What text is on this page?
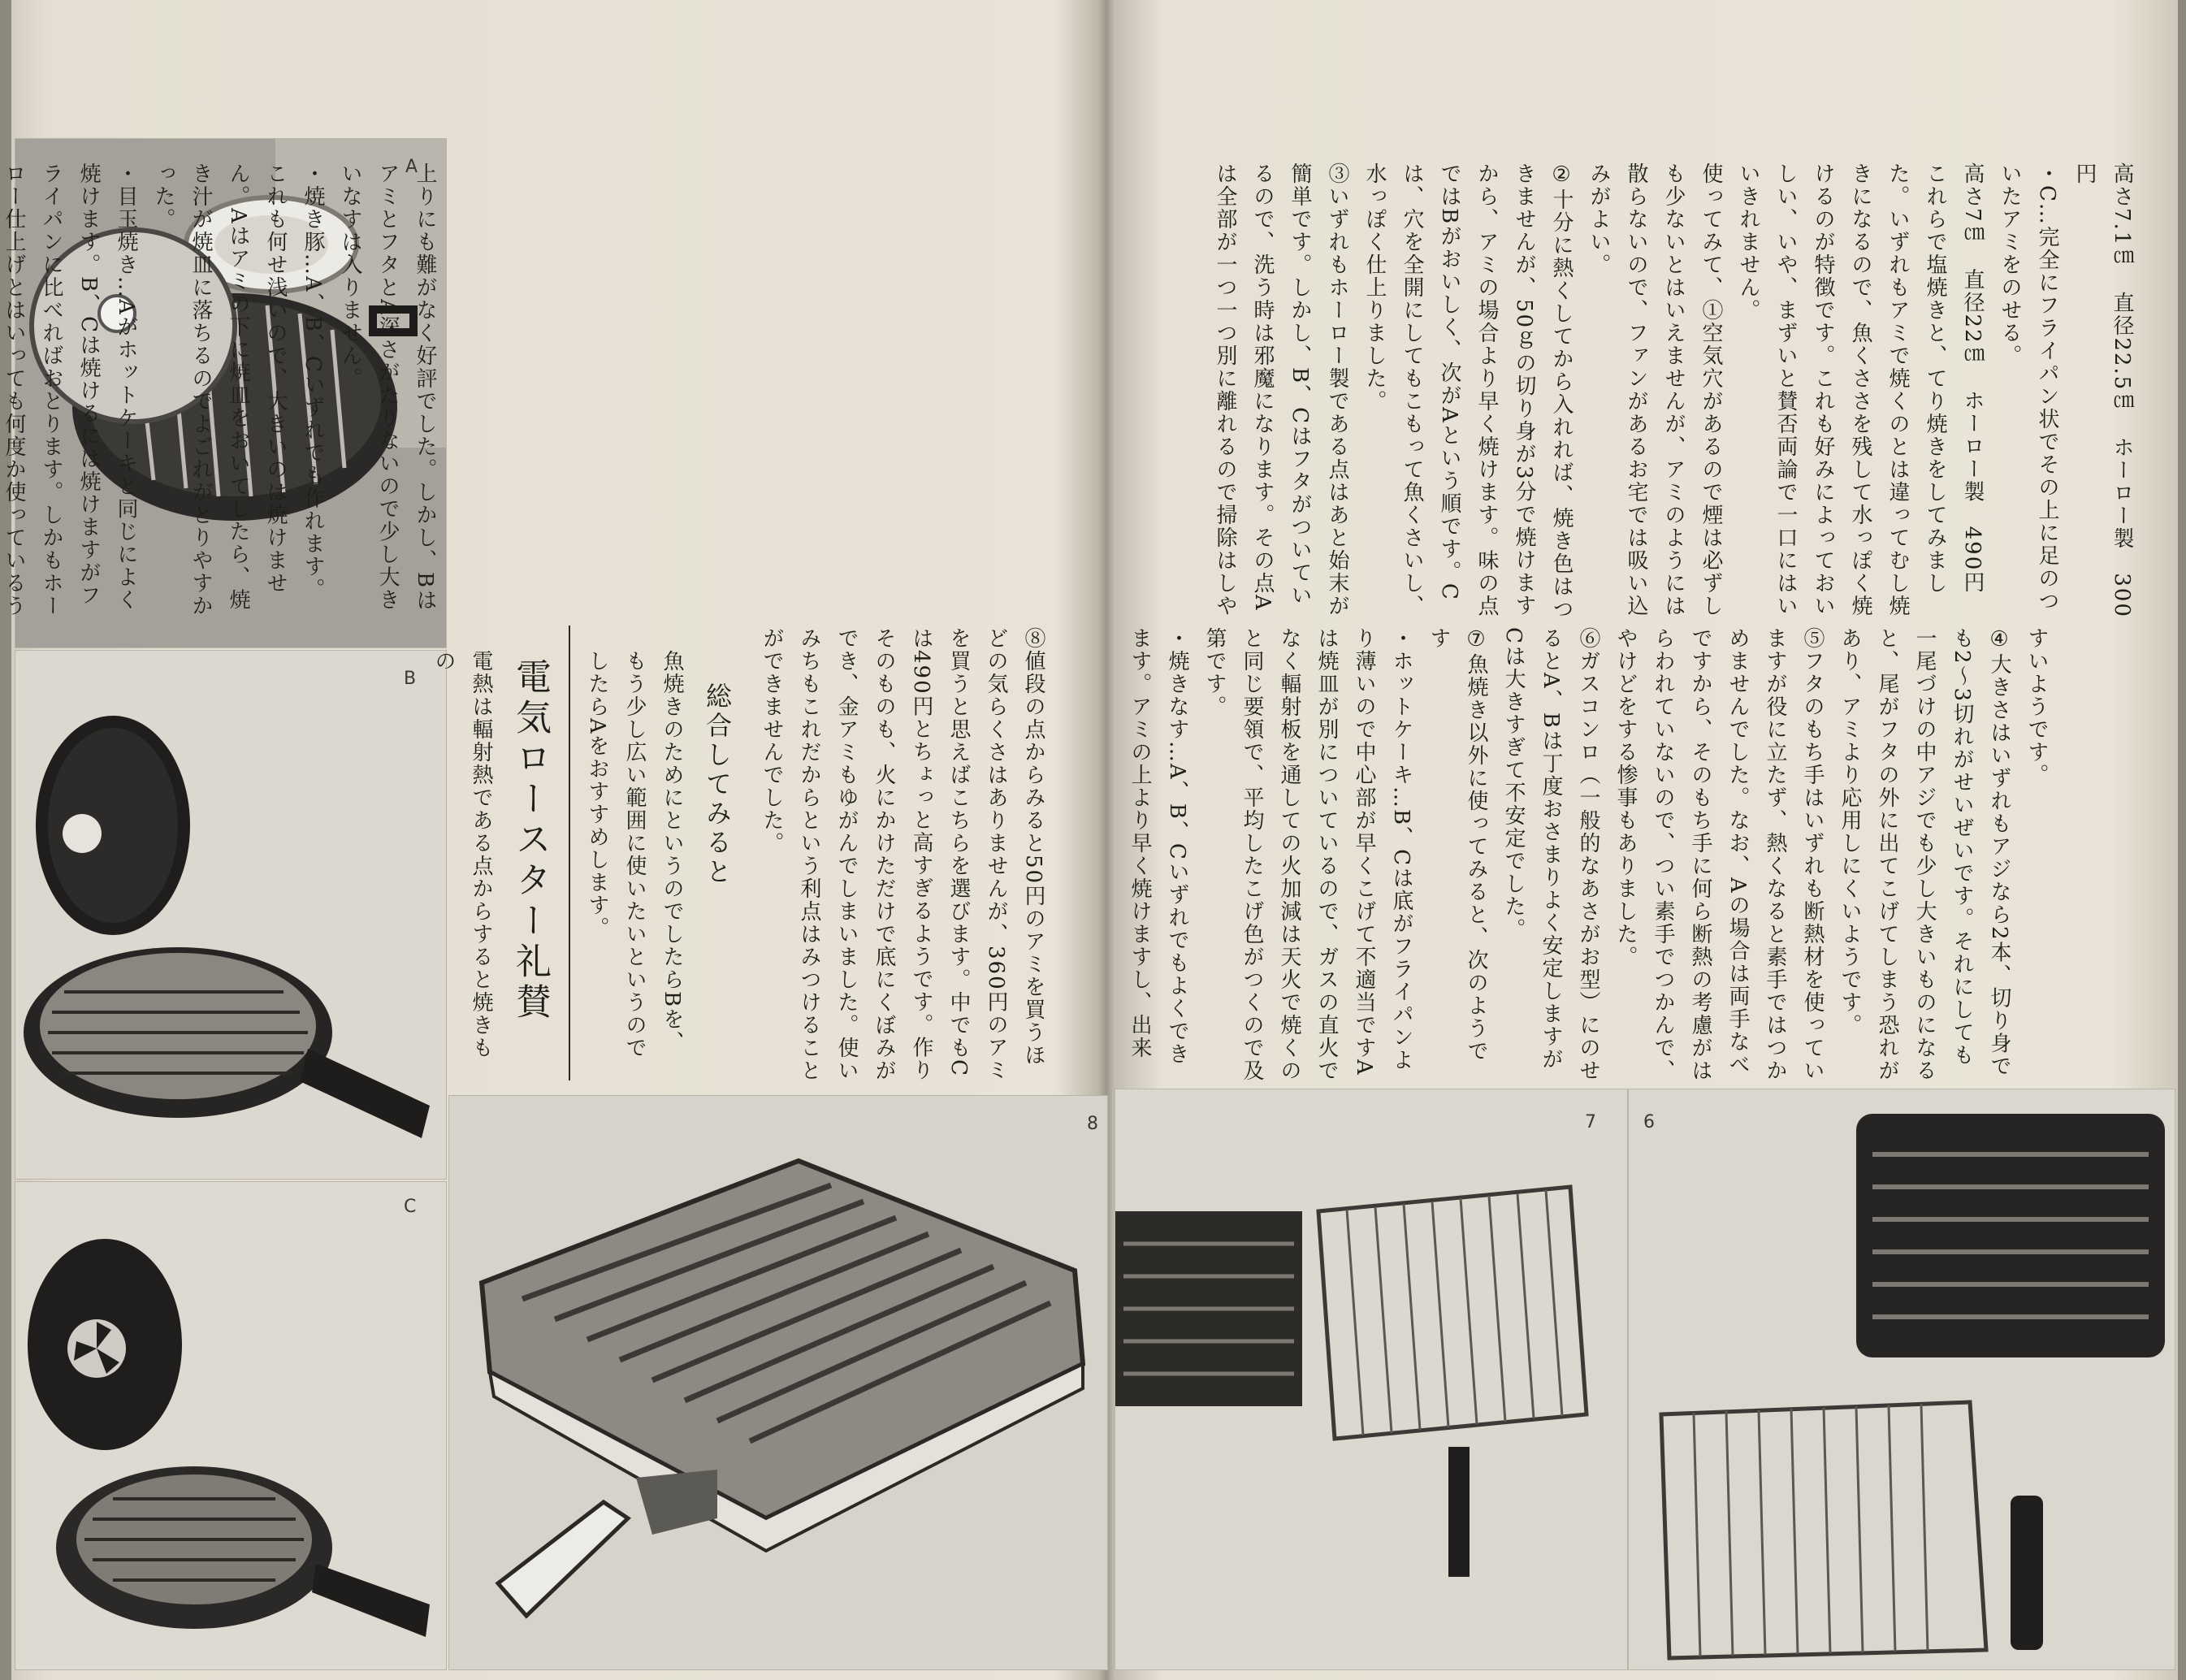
A
B
C
8	7	6
高さ7.1㎝　直径22.5㎝　ホーロー製　300円
・C…完全にフライパン状でその上に足のついたアミをのせる。
高さ7㎝　直径22㎝　ホーロー製　490円
これらで塩焼きと、てり焼きをしてみました。いずれもアミで焼くのとは違ってむし焼きになるので、魚くささを残して水っぽく焼けるのが特徴です。これも好みによっておいしい、いや、まずいと賛否両論で一口にはいいきれません。
使ってみて、①空気穴があるので煙は必ずしも少ないとはいえませんが、アミのようには散らないので、ファンがあるお宅では吸い込みがよい。
②十分に熱くしてから入れれば、焼き色はつきませんが、50ｇの切り身が3分で焼けますから、アミの場合より早く焼けます。味の点ではBがおいしく、次がAという順です。Cは、穴を全開にしてもこもって魚くさいし、水っぽく仕上りました。
③いずれもホーロー製である点はあと始末が簡単です。しかし、B、Cはフタがついているので、洗う時は邪魔になります。その点Aは全部が一つ一つ別に離れるので掃除はしや
すいようです。
④大きさはいずれもアジなら2本、切り身でも2～3切れがせいぜいです。それにしても一尾づけの中アジでも少し大きいものになると、尾がフタの外に出てこげてしまう恐れがあり、アミより応用しにくいようです。
⑤フタのもち手はいずれも断熱材を使っていますが役に立たず、熱くなると素手ではつかめませんでした。なお、Aの場合は両手なべですから、そのもち手に何ら断熱の考慮がはらわれていないので、つい素手でつかんで、やけどをする惨事もありました。
⑥ガスコンロ（一般的なあさがお型）にのせるとA、Bは丁度おさまりよく安定しますがCは大きすぎて不安定でした。
⑦魚焼き以外に使ってみると、次のようです
・ホットケーキ…B、Cは底がフライパンより薄いので中心部が早くこげて不適当ですAは焼皿が別についているので、ガスの直火でなく輻射板を通しての火加減は天火で焼くのと同じ要領で、平均したこげ色がつくので及第です。
・焼きなす…A、B、Cいずれでもよくできます。アミの上より早く焼けますし、出来
上りにも難がなく好評でした。しかし、BはアミとフタとA深さがたりないので少し大きいなすは入りません。
・焼き豚…A、B、Cいずれでも作れます。これも何せ浅いので、大きいのは焼けません。Aはアミの下に焼皿をおいてしたら、焼き汁が焼皿に落ちるのでよごれがとりやすかった。
・目玉焼き…Aがホットケーキと同じによく焼けます。B、Cは焼けるには焼けますがフライパンに比べればおとります。しかもホーロー仕上げとはいっても何度か使っているう
⑧値段の点からみると50円のアミを買うほどの気らくさはありませんが、360円のアミを買うと思えばこちらを選びます。中でもCは490円とちょっと高すぎるようです。作りそのものも、火にかけただけで底にくぼみができ、金アミもゆがんでしまいました。使いみちもこれだからという利点はみつけることができませんでした。
総合してみると
魚焼きのためにというのでしたらBを、もう少し広い範囲に使いたいというのでしたらAをおすすめします。
電気ロースター礼賛
電熱は輻射熱である点からすると焼きもの
